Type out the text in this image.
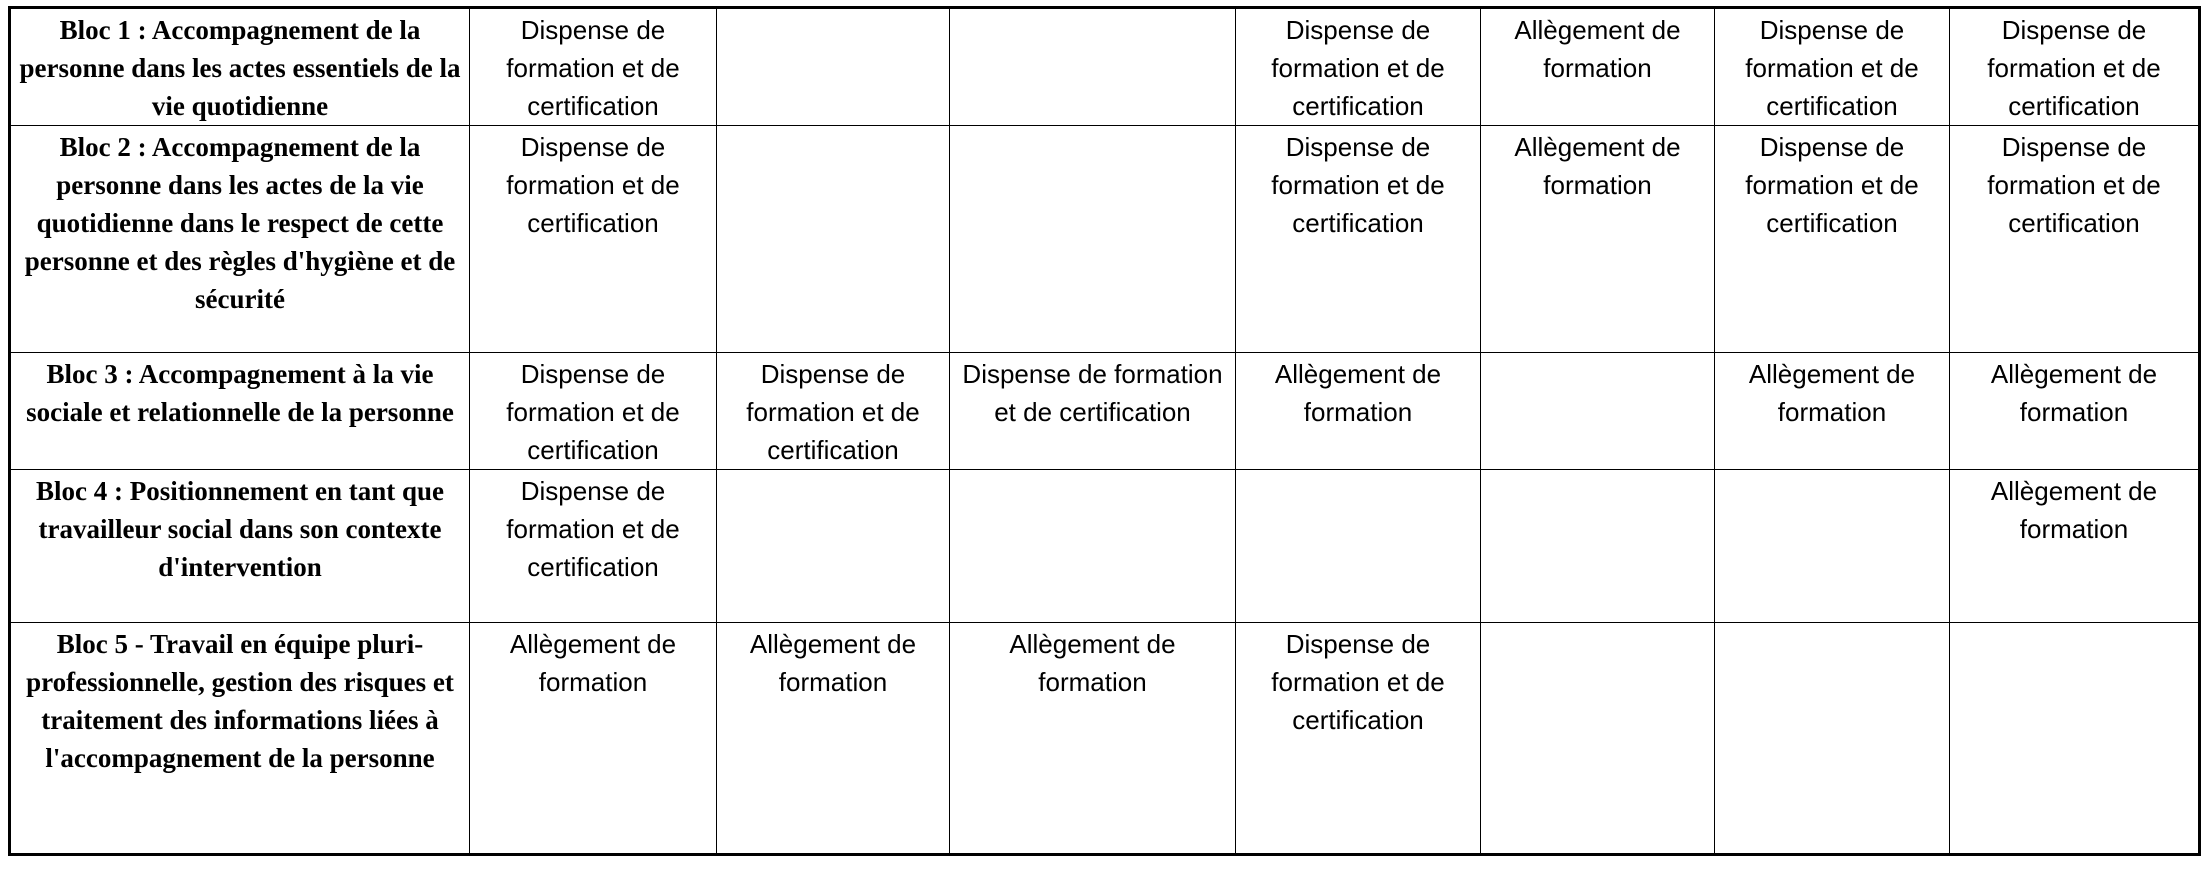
Bloc 1 : Accompagnement de la personne dans les actes essentiels de la vie quotidienne	Dispense de formation et de certification			Dispense de formation et de certification	Allègement de formation	Dispense de formation et de certification	Dispense de formation et de certification
Bloc 2 : Accompagnement de la personne dans les actes de la vie quotidienne dans le respect de cette personne et des règles d'hygiène et de sécurité	Dispense de formation et de certification			Dispense de formation et de certification	Allègement de formation	Dispense de formation et de certification	Dispense de formation et de certification
Bloc 3 : Accompagnement à la vie sociale et relationnelle de la personne	Dispense de formation et de certification	Dispense de formation et de certification	Dispense de formation et de certification	Allègement de formation		Allègement de formation	Allègement de formation
Bloc 4 : Positionnement en tant que travailleur social dans son contexte d'intervention	Dispense de formation et de certification						Allègement de formation
Bloc 5 - Travail en équipe pluri-professionnelle, gestion des risques et traitement des informations liées à l'accompagnement de la personne	Allègement de formation	Allègement de formation	Allègement de formation	Dispense de formation et de certification			
